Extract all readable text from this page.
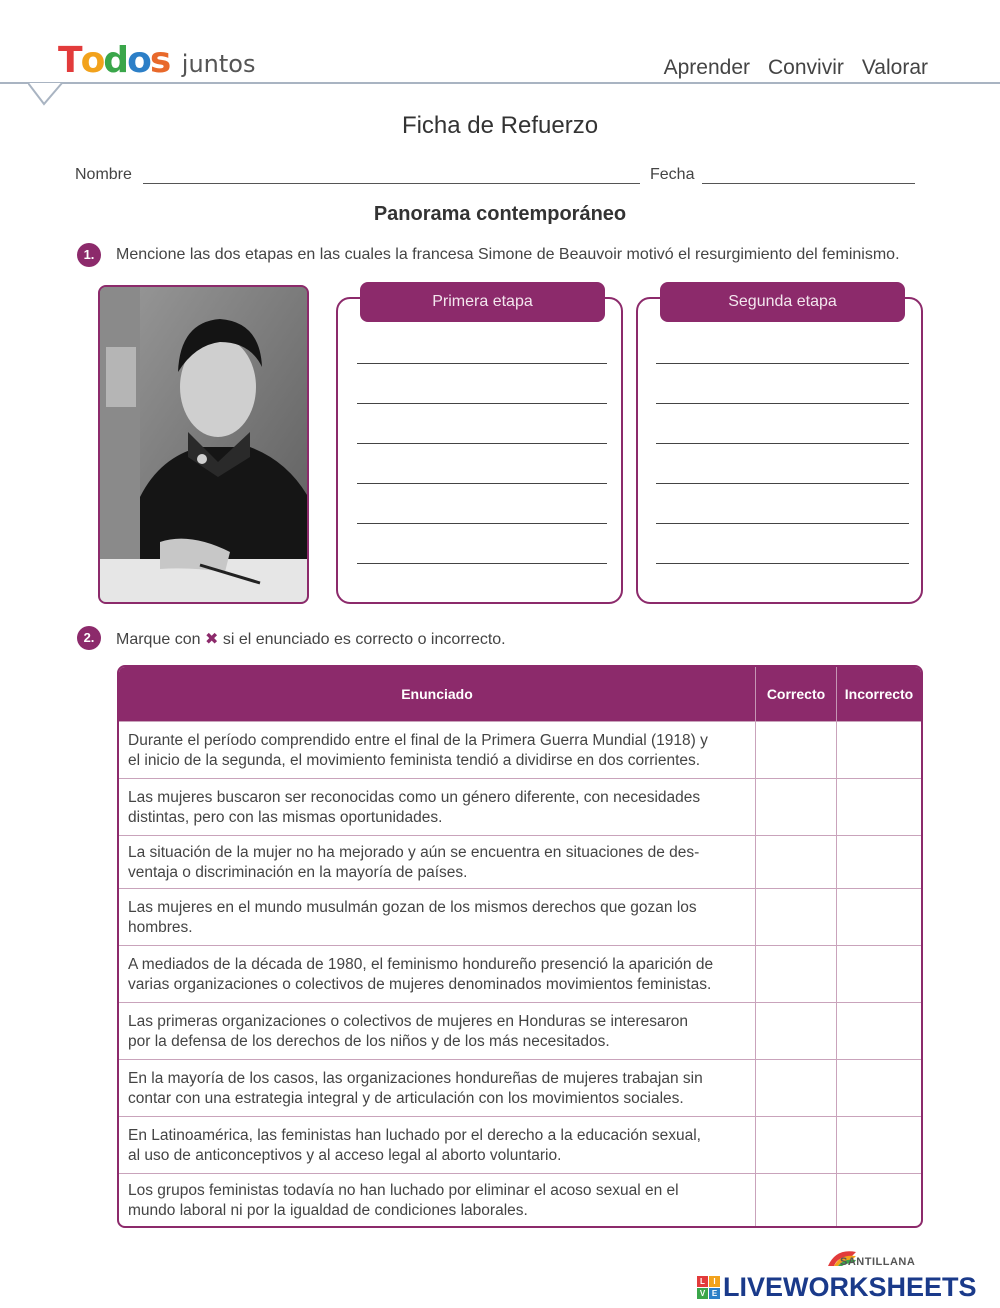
Todos juntos	Aprender Convivir Valorar
Ficha de Refuerzo
Nombre	Fecha
Panorama contemporáneo
1.	Mencione las dos etapas en las cuales la francesa Simone de Beauvoir motivó el resurgimiento del feminismo.
Primera etapa	Segunda etapa
2.	Marque con ✖ si el enunciado es correcto o incorrecto.
Enunciado	Correcto	Incorrecto
Durante el período comprendido entre el final de la Primera Guerra Mundial (1918) y
el inicio de la segunda, el movimiento feminista tendió a dividirse en dos corrientes.
Las mujeres buscaron ser reconocidas como un género diferente, con necesidades
distintas, pero con las mismas oportunidades.
La situación de la mujer no ha mejorado y aún se encuentra en situaciones de des-
ventaja o discriminación en la mayoría de países.
Las mujeres en el mundo musulmán gozan de los mismos derechos que gozan los
hombres.
A mediados de la década de 1980, el feminismo hondureño presenció la aparición de
varias organizaciones o colectivos de mujeres denominados movimientos feministas.
Las primeras organizaciones o colectivos de mujeres en Honduras se interesaron
por la defensa de los derechos de los niños y de los más necesitados.
En la mayoría de los casos, las organizaciones hondureñas de mujeres trabajan sin
contar con una estrategia integral y de articulación con los movimientos sociales.
En Latinoamérica, las feministas han luchado por el derecho a la educación sexual,
al uso de anticonceptivos y al acceso legal al aborto voluntario.
Los grupos feministas todavía no han luchado por eliminar el acoso sexual en el
mundo laboral ni por la igualdad de condiciones laborales.
SANTILLANA
L	I
V E LIVEWORKSHEETS
